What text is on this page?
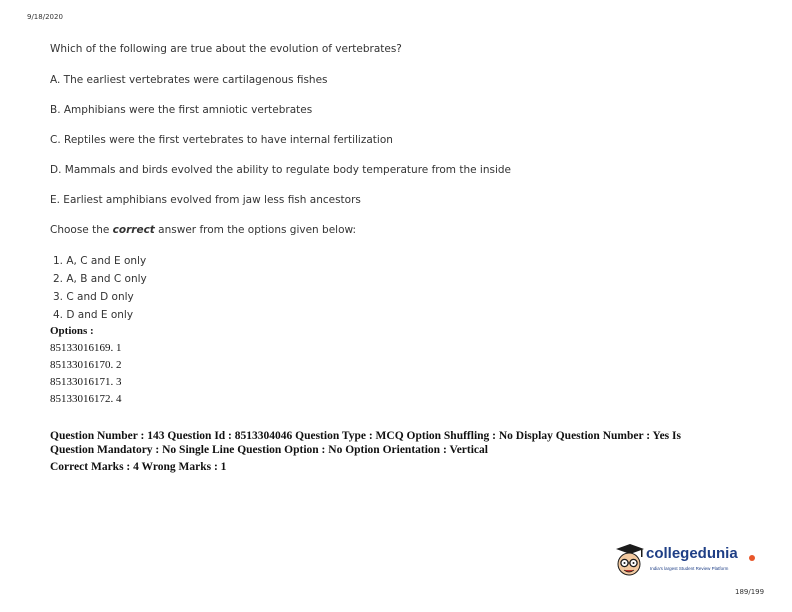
9/18/2020
Which of the following are true about the evolution of vertebrates?
A. The earliest vertebrates were cartilagenous fishes
B. Amphibians were the first amniotic vertebrates
C. Reptiles were the first vertebrates to have internal fertilization
D. Mammals and birds evolved the ability to regulate body temperature from the inside
E. Earliest amphibians evolved from jaw less fish ancestors
Choose the correct answer from the options given below:
1. A, C and E only
2. A, B and C only
3. C and D only
4. D and E only
Options :
85133016169. 1
85133016170. 2
85133016171. 3
85133016172. 4
Question Number : 143 Question Id : 8513304046 Question Type : MCQ Option Shuffling : No Display Question Number : Yes Is
Question Mandatory : No Single Line Question Option : No Option Orientation : Vertical
Correct Marks : 4 Wrong Marks : 1
collegedunia
India's largest Student Review Platform
189/199
